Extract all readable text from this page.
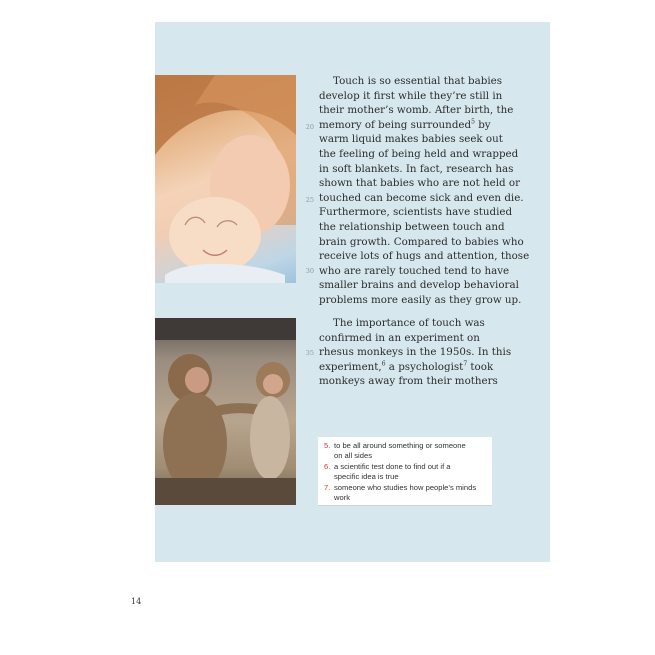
Touch is so essential that babies
develop it first while they’re still in
their mother’s womb. After birth, the
memory of being surrounded$^5$ by
warm liquid makes babies seek out
the feeling of being held and wrapped
in soft blankets. In fact, research has
shown that babies who are not held or
touched can become sick and even die.
Furthermore, scientists have studied
the relationship between touch and
brain growth. Compared to babies who
receive lots of hugs and attention, those
who are rarely touched tend to have
smaller brains and develop behavioral
problems more easily as they grow up.
20
25
30
35
The importance of touch was
confirmed in an experiment on
rhesus monkeys in the 1950s. In this
experiment,$^6$ a psychologist$^7$ took
monkeys away from their mothers
5. to be all around something or someone
on all sides
6. a scientific test done to find out if a
specific idea is true
7. someone who studies how people’s minds
work
14
